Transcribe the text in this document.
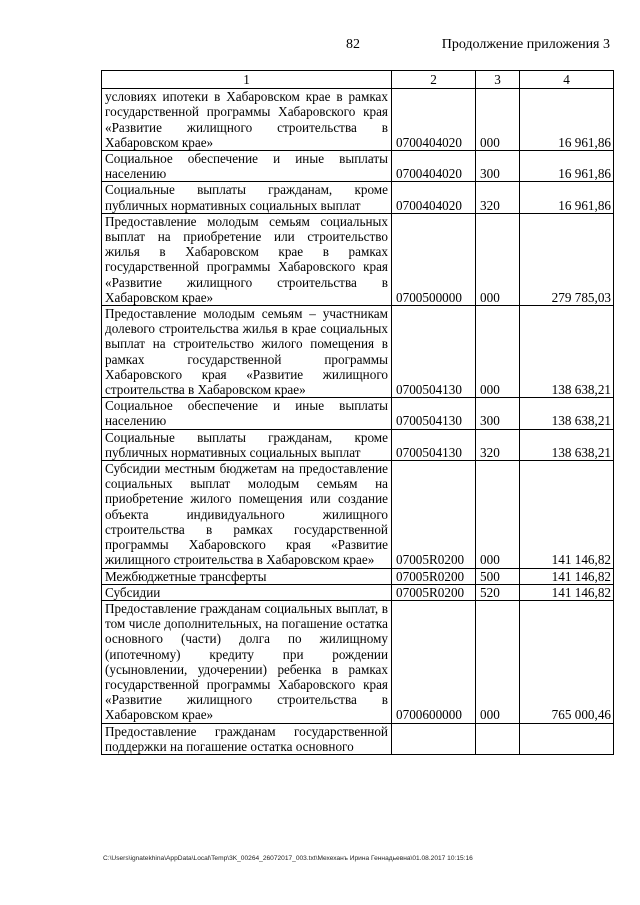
82	Продолжение приложения 3
1	2	3	4
условиях ипотеки в Хабаровском крае в рамках государственной программы Хабаровского края «Развитие жилищного строительства в Хабаровском крае»	0700404020	000	16 961,86
Социальное обеспечение и иные выплаты населению	0700404020	300	16 961,86
Социальные выплаты гражданам, кроме публичных нормативных социальных выплат	0700404020	320	16 961,86
Предоставление молодым семьям социальных выплат на приобретение или строительство жилья в Хабаровском крае в рамках государственной программы Хабаровского края «Развитие жилищного строительства в Хабаровском крае»	0700500000	000	279 785,03
Предоставление молодым семьям – участникам долевого строительства жилья в крае социальных выплат на строительство жилого помещения в рамках государственной программы Хабаровского края «Развитие жилищного строительства в Хабаровском крае»	0700504130	000	138 638,21
Социальное обеспечение и иные выплаты населению	0700504130	300	138 638,21
Социальные выплаты гражданам, кроме публичных нормативных социальных выплат	0700504130	320	138 638,21
Субсидии местным бюджетам на предоставление социальных выплат молодым семьям на приобретение жилого помещения или создание объекта индивидуального жилищного строительства в рамках государственной программы Хабаровского края «Развитие жилищного строительства в Хабаровском крае»	07005R0200	000	141 146,82
Межбюджетные трансферты	07005R0200	500	141 146,82
Субсидии	07005R0200	520	141 146,82
Предоставление гражданам социальных выплат, в том числе дополнительных, на погашение остатка основного (части) долга по жилищному (ипотечному) кредиту при рождении (усыновлении, удочерении) ребенка в рамках государственной программы Хабаровского края «Развитие жилищного строительства в Хабаровском крае»	0700600000	000	765 000,46
Предоставление гражданам государственной поддержки на погашение остатка основного			
C:\Users\ignatekhina\AppData\Local\Temp\3K_00264_26072017_003.txt\Мехеханъ Ирина Геннадьевна\01.08.2017 10:15:16
